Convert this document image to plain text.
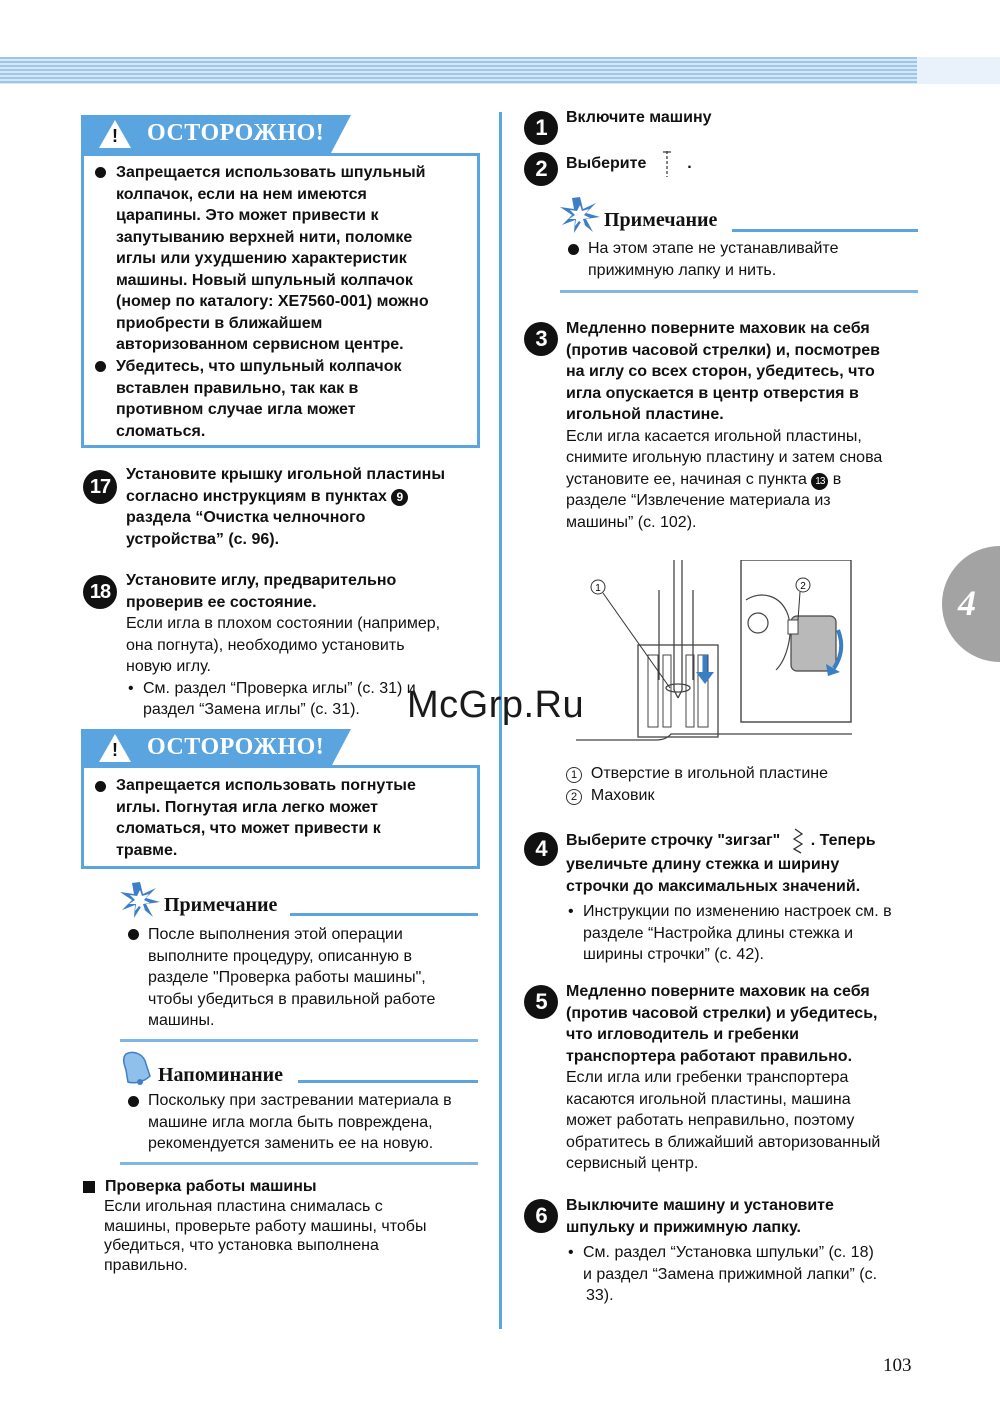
! ОСТОРОЖНО!
Запрещается использовать шпульный
колпачок, если на нем имеются
царапины. Это может привести к
запутыванию верхней нити, поломке
иглы или ухудшению характеристик
машины. Новый шпульный колпачок
(номер по каталогу: XE7560-001) можно
приобрести в ближайшем
авторизованном сервисном центре.
Убедитесь, что шпульный колпачок
вставлен правильно, так как в
противном случае игла может
сломаться.
17
Установите крышку игольной пластины
согласно инструкциям в пунктах 9
раздела “Очистка челночного
устройства” (с. 96).
18
Установите иглу, предварительно
проверив ее состояние.
Если игла в плохом состоянии (например,
она погнута), необходимо установить
новую иглу.
• См. раздел “Проверка иглы” (с. 31) и
раздел “Замена иглы” (с. 31).
! ОСТОРОЖНО!
Запрещается использовать погнутые
иглы. Погнутая игла легко может
сломаться, что может привести к
травме.
Примечание
После выполнения этой операции
выполните процедуру, описанную в
разделе "Проверка работы машины",
чтобы убедиться в правильной работе
машины.
Напоминание
Поскольку при застревании материала в
машине игла могла быть повреждена,
рекомендуется заменить ее на новую.
Проверка работы машины
Если игольная пластина снималась с
машины, проверьте работу машины, чтобы
убедиться, что установка выполнена
правильно.
1	Включите машину
2	Выберите	.
Примечание
На этом этапе не устанавливайте
прижимную лапку и нить.
3	Медленно поверните маховик на себя
(против часовой стрелки) и, посмотрев
на иглу со всех сторон, убедитесь, что
игла опускается в центр отверстия в
игольной пластине.
Если игла касается игольной пластины,
снимите игольную пластину и затем снова
установите ее, начиная с пункта 13 в
разделе “Извлечение материала из
машины” (с. 102).
1	2
1 Отверстие в игольной пластине
2 Маховик
4	Выберите строчку "зигзаг" . Теперь
увеличьте длину стежка и ширину
строчки до максимальных значений.
• Инструкции по изменению настроек см. в
разделе “Настройка длины стежка и
ширины строчки” (с. 42).
5	Медленно поверните маховик на себя
(против часовой стрелки) и убедитесь,
что игловодитель и гребенки
транспортера работают правильно.
Если игла или гребенки транспортера
касаются игольной пластины, машина
может работать неправильно, поэтому
обратитесь в ближайший авторизованный
сервисный центр.
6	Выключите машину и установите
шпульку и прижимную лапку.
• См. раздел “Установка шпульки” (с. 18)
и раздел “Замена прижимной лапки” (с.
33).
4
McGrp.Ru
103
